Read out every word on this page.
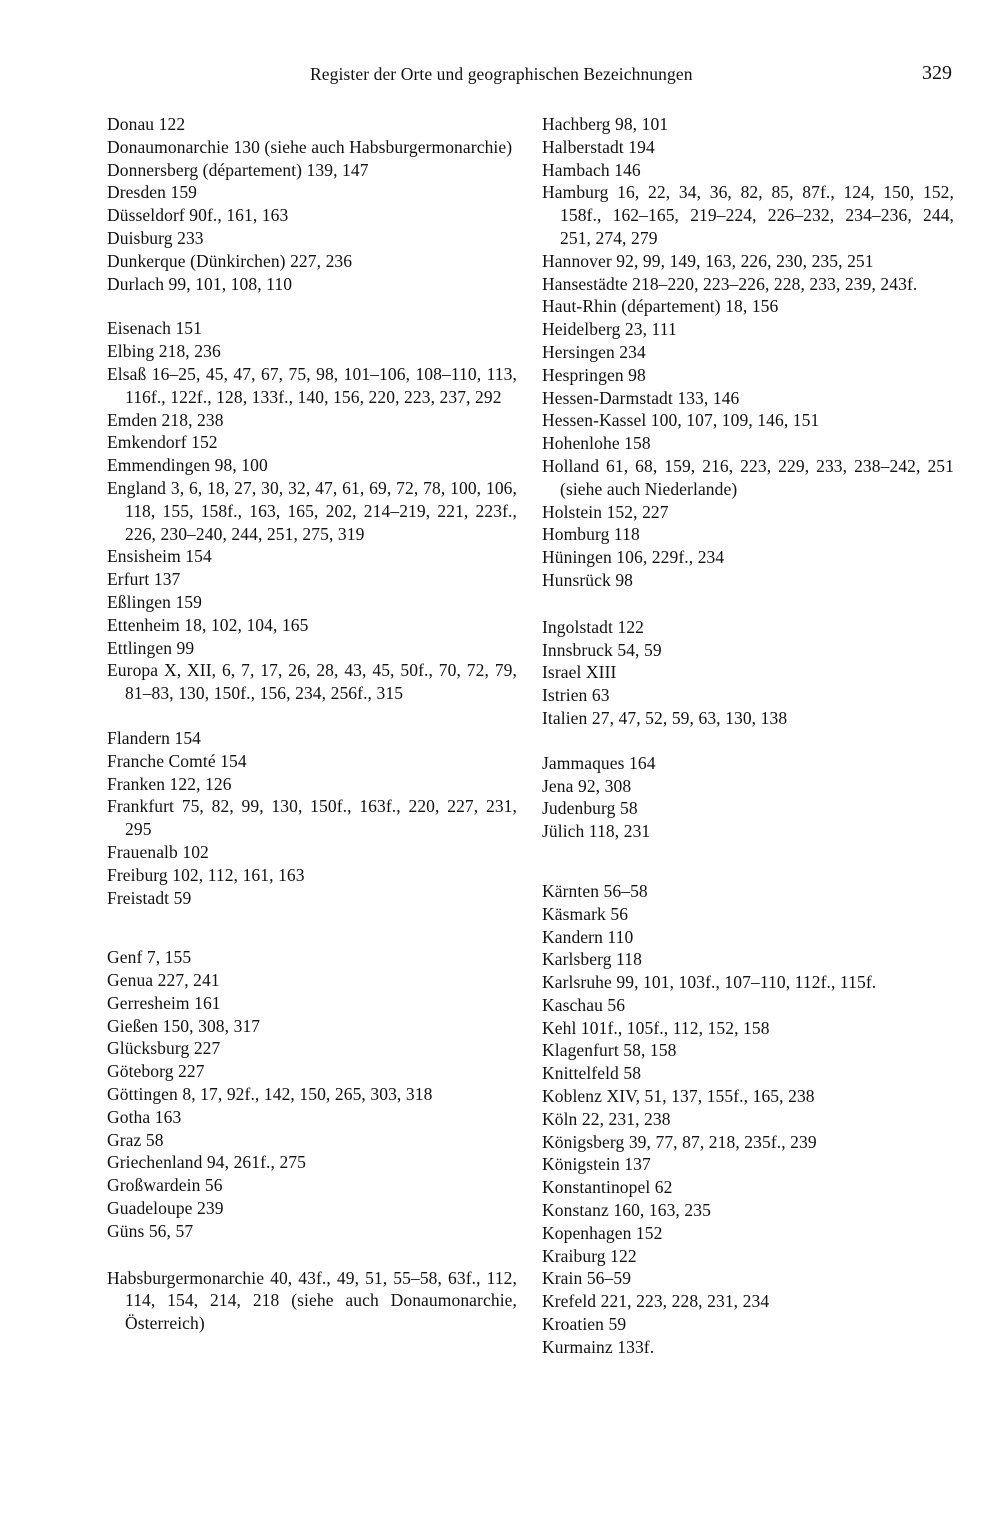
Register der Orte und geographischen Bezeichnungen	329

Donau 122

Donaumonarchie 130 (siehe auch Habsburgermonarchie)

Donnersberg (département) 139, 147

Dresden 159

Düsseldorf 90f., 161, 163

Duisburg 233

Dunkerque (Dünkirchen) 227, 236

Durlach 99, 101, 108, 110

Eisenach 151

Elbing 218, 236

Elsaß 16–25, 45, 47, 67, 75, 98, 101–106, 108–110, 113, 116f., 122f., 128, 133f., 140, 156, 220, 223, 237, 292

Emden 218, 238

Emkendorf 152

Emmendingen 98, 100

England 3, 6, 18, 27, 30, 32, 47, 61, 69, 72, 78, 100, 106, 118, 155, 158f., 163, 165, 202, 214–219, 221, 223f., 226, 230–240, 244, 251, 275, 319

Ensisheim 154

Erfurt 137

Eßlingen 159

Ettenheim 18, 102, 104, 165

Ettlingen 99

Europa X, XII, 6, 7, 17, 26, 28, 43, 45, 50f., 70, 72, 79, 81–83, 130, 150f., 156, 234, 256f., 315

Flandern 154

Franche Comté 154

Franken 122, 126

Frankfurt 75, 82, 99, 130, 150f., 163f., 220, 227, 231, 295

Frauenalb 102

Freiburg 102, 112, 161, 163

Freistadt 59

Genf 7, 155

Genua 227, 241

Gerresheim 161

Gießen 150, 308, 317

Glücksburg 227

Göteborg 227

Göttingen 8, 17, 92f., 142, 150, 265, 303, 318

Gotha 163

Graz 58

Griechenland 94, 261f., 275

Großwardein 56

Guadeloupe 239

Güns 56, 57

Habsburgermonarchie 40, 43f., 49, 51, 55–58, 63f., 112, 114, 154, 214, 218 (siehe auch Donaumonarchie, Österreich)

Hachberg 98, 101

Halberstadt 194

Hambach 146

Hamburg 16, 22, 34, 36, 82, 85, 87f., 124, 150, 152, 158f., 162–165, 219–224, 226–232, 234–236, 244, 251, 274, 279

Hannover 92, 99, 149, 163, 226, 230, 235, 251

Hansestädte 218–220, 223–226, 228, 233, 239, 243f.

Haut-Rhin (département) 18, 156

Heidelberg 23, 111

Hersingen 234

Hespringen 98

Hessen-Darmstadt 133, 146

Hessen-Kassel 100, 107, 109, 146, 151

Hohenlohe 158

Holland 61, 68, 159, 216, 223, 229, 233, 238–242, 251 (siehe auch Niederlande)

Holstein 152, 227

Homburg 118

Hüningen 106, 229f., 234

Hunsrück 98

Ingolstadt 122

Innsbruck 54, 59

Israel XIII

Istrien 63

Italien 27, 47, 52, 59, 63, 130, 138

Jammaques 164

Jena 92, 308

Judenburg 58

Jülich 118, 231

Kärnten 56–58

Käsmark 56

Kandern 110

Karlsberg 118

Karlsruhe 99, 101, 103f., 107–110, 112f., 115f.

Kaschau 56

Kehl 101f., 105f., 112, 152, 158

Klagenfurt 58, 158

Knittelfeld 58

Koblenz XIV, 51, 137, 155f., 165, 238

Köln 22, 231, 238

Königsberg 39, 77, 87, 218, 235f., 239

Königstein 137

Konstantinopel 62

Konstanz 160, 163, 235

Kopenhagen 152

Kraiburg 122

Krain 56–59

Krefeld 221, 223, 228, 231, 234

Kroatien 59

Kurmainz 133f.
